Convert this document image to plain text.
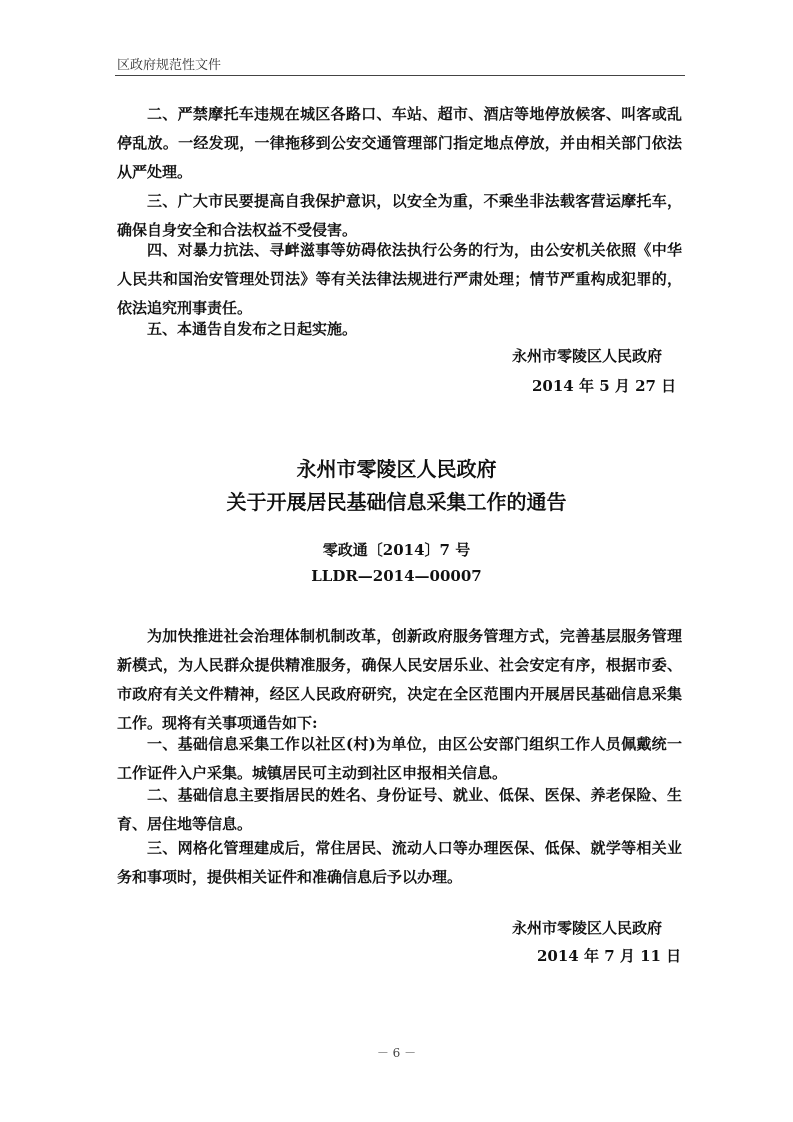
区政府规范性文件

二、严禁摩托车违规在城区各路口、车站、超市、酒店等地停放候客、叫客或乱停乱放。一经发现，一律拖移到公安交通管理部门指定地点停放，并由相关部门依法从严处理。

三、广大市民要提高自我保护意识，以安全为重，不乘坐非法载客营运摩托车，确保自身安全和合法权益不受侵害。

四、对暴力抗法、寻衅滋事等妨碍依法执行公务的行为，由公安机关依照《中华人民共和国治安管理处罚法》等有关法律法规进行严肃处理；情节严重构成犯罪的，依法追究刑事责任。

五、本通告自发布之日起实施。

永州市零陵区人民政府
2014 年 5 月 27 日
永州市零陵区人民政府
关于开展居民基础信息采集工作的通告
零政通〔2014〕7 号
LLDR—2014—00007

为加快推进社会治理体制机制改革，创新政府服务管理方式，完善基层服务管理新模式，为人民群众提供精准服务，确保人民安居乐业、社会安定有序，根据市委、市政府有关文件精神，经区人民政府研究，决定在全区范围内开展居民基础信息采集工作。现将有关事项通告如下:

一、基础信息采集工作以社区(村)为单位，由区公安部门组织工作人员佩戴统一工作证件入户采集。城镇居民可主动到社区申报相关信息。

二、基础信息主要指居民的姓名、身份证号、就业、低保、医保、养老保险、生育、居住地等信息。

三、网格化管理建成后，常住居民、流动人口等办理医保、低保、就学等相关业务和事项时，提供相关证件和准确信息后予以办理。

永州市零陵区人民政府
2014 年 7 月 11 日
－ 6 －
